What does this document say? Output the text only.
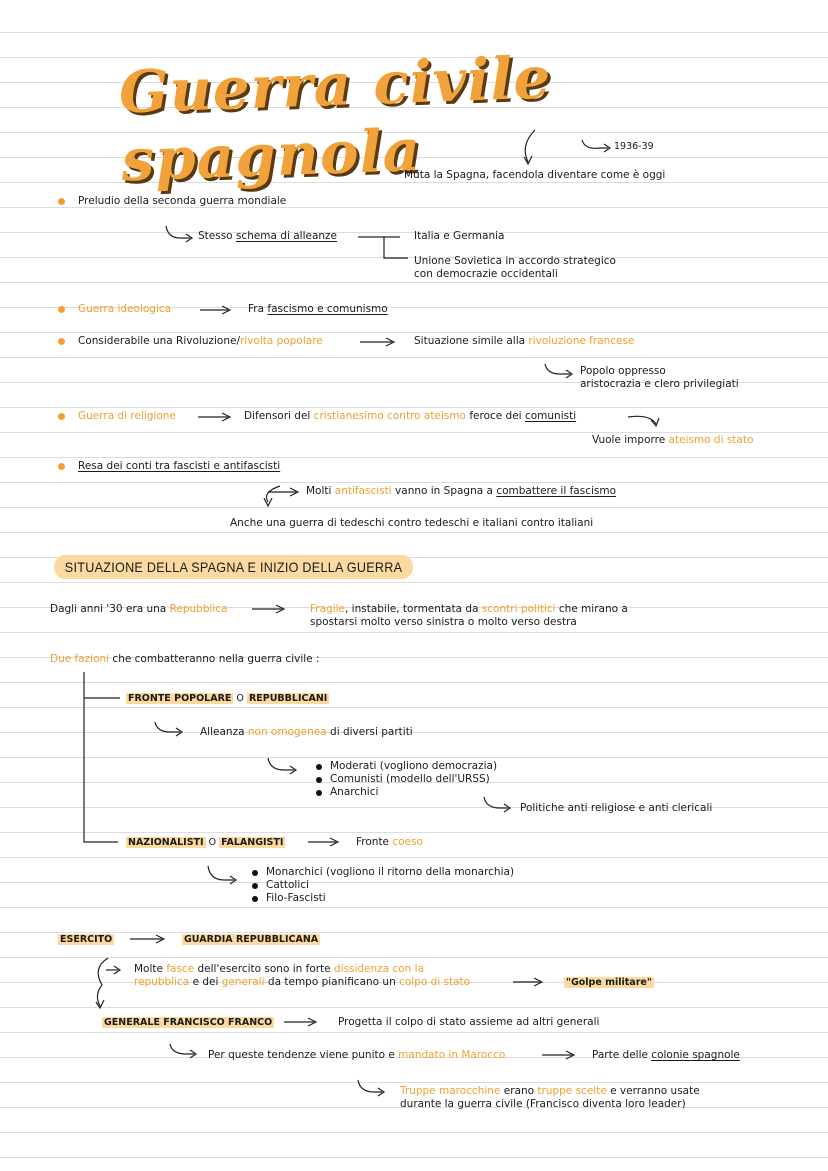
Guerra civile spagnola	1936-39
Muta la Spagna, facendola diventare come è oggi
Preludio della seconda guerra mondiale
Stesso schema di alleanze	Italia e Germania
Unione Sovietica in accordo strategico
con democrazie occidentali
Guerra ideologica	Fra fascismo e comunismo
Considerabile una Rivoluzione/rivolta popolare	Situazione simile alla rivoluzione francese
Popolo oppresso
aristocrazia e clero privilegiati
Guerra di religione	Difensori del cristianesimo contro ateismo feroce dei comunisti
Vuole imporre ateismo di stato
Resa dei conti tra fascisti e antifascisti
Molti antifascisti vanno in Spagna a combattere il fascismo
Anche una guerra di tedeschi contro tedeschi e italiani contro italiani
SITUAZIONE DELLA SPAGNA E INIZIO DELLA GUERRA
Dagli anni '30 era una Repubblica	Fragile, instabile, tormentata da scontri politici che mirano a
spostarsi molto verso sinistra o molto verso destra
Due fazioni che combatteranno nella guerra civile :
FRONTE POPOLARE O REPUBBLICANI
Alleanza non omogenea di diversi partiti
Moderati (vogliono democrazia)
Comunisti (modello dell'URSS)
Anarchici
Politiche anti religiose e anti clericali
NAZIONALISTI O FALANGISTI	Fronte coeso
Monarchici (vogliono il ritorno della monarchia)
Cattolici
Filo-Fascisti
ESERCITO	GUARDIA REPUBBLICANA
Molte fasce dell'esercito sono in forte dissidenza con la
repubblica e dei generali da tempo pianificano un colpo di stato	"Golpe militare"
GENERALE FRANCISCO FRANCO	Progetta il colpo di stato assieme ad altri generali
Per queste tendenze viene punito e mandato in Marocco	Parte delle colonie spagnole
Truppe marocchine erano truppe scelte e verranno usate
durante la guerra civile (Francisco diventa loro leader)
